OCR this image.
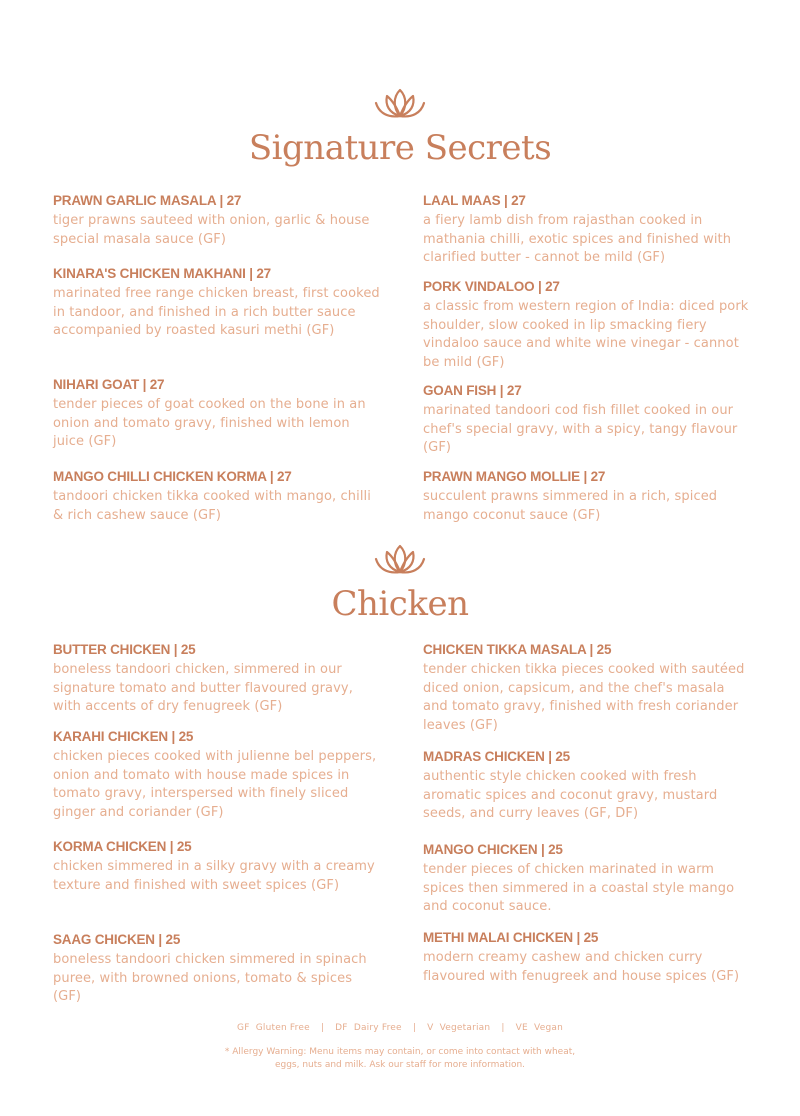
Signature Secrets
PRAWN GARLIC MASALA | 27
tiger prawns sauteed with onion, garlic & house special masala sauce (GF)
KINARA'S CHICKEN MAKHANI | 27
marinated free range chicken breast, first cooked in tandoor, and finished in a rich butter sauce accompanied by roasted kasuri methi (GF)
NIHARI GOAT | 27
tender pieces of goat cooked on the bone in an onion and tomato gravy, finished with lemon juice (GF)
MANGO CHILLI CHICKEN KORMA | 27
tandoori chicken tikka cooked with mango, chilli & rich cashew sauce (GF)
LAAL MAAS | 27
a fiery lamb dish from rajasthan cooked in mathania chilli, exotic spices and finished with clarified butter - cannot be mild (GF)
PORK VINDALOO | 27
a classic from western region of India: diced pork shoulder, slow cooked in lip smacking fiery vindaloo sauce and white wine vinegar - cannot be mild (GF)
GOAN FISH | 27
marinated tandoori cod fish fillet cooked in our chef's special gravy, with a spicy, tangy flavour (GF)
PRAWN MANGO MOLLIE | 27
succulent prawns simmered in a rich, spiced mango coconut sauce (GF)
Chicken
BUTTER CHICKEN | 25
boneless tandoori chicken, simmered in our signature tomato and butter flavoured gravy, with accents of dry fenugreek (GF)
KARAHI CHICKEN | 25
chicken pieces cooked with julienne bel peppers, onion and tomato with house made spices in tomato gravy, interspersed with finely sliced ginger and coriander (GF)
KORMA CHICKEN | 25
chicken simmered in a silky gravy with a creamy texture and finished with sweet spices (GF)
SAAG CHICKEN | 25
boneless tandoori chicken simmered in spinach puree, with browned onions, tomato & spices (GF)
CHICKEN TIKKA MASALA | 25
tender chicken tikka pieces cooked with sautéed diced onion, capsicum, and the chef's masala and tomato gravy, finished with fresh coriander leaves (GF)
MADRAS CHICKEN | 25
authentic style chicken cooked with fresh aromatic spices and coconut gravy, mustard seeds, and curry leaves (GF, DF)
MANGO CHICKEN | 25
tender pieces of chicken marinated in warm spices then simmered in a coastal style mango and coconut sauce.
METHI MALAI CHICKEN | 25
modern creamy cashew and chicken curry flavoured with fenugreek and house spices (GF)
GF Gluten Free | DF Dairy Free | V Vegetarian | VE Vegan
* Allergy Warning: Menu items may contain, or come into contact with wheat,
eggs, nuts and milk. Ask our staff for more information.
